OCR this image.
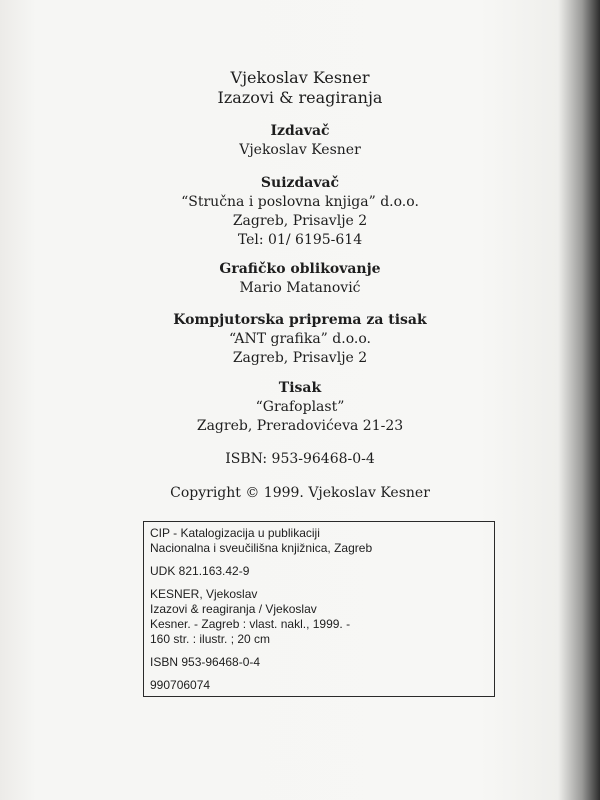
Vjekoslav Kesner
Izazovi & reagiranja
Izdavač
Vjekoslav Kesner
Suizdavač
“Stručna i poslovna knjiga” d.o.o.
Zagreb, Prisavlje 2
Tel: 01/ 6195-614
Grafičko oblikovanje
Mario Matanović
Kompjutorska priprema za tisak
“ANT grafika” d.o.o.
Zagreb, Prisavlje 2
Tisak
“Grafoplast”
Zagreb, Preradovićeva 21-23
ISBN: 953-96468-0-4
Copyright © 1999. Vjekoslav Kesner
CIP - Katalogizacija u publikaciji
Nacionalna i sveučilišna knjižnica, Zagreb
UDK 821.163.42-9
KESNER, Vjekoslav
Izazovi & reagiranja / Vjekoslav
Kesner. - Zagreb : vlast. nakl., 1999. -
160 str. : ilustr. ; 20 cm
ISBN 953-96468-0-4
990706074
